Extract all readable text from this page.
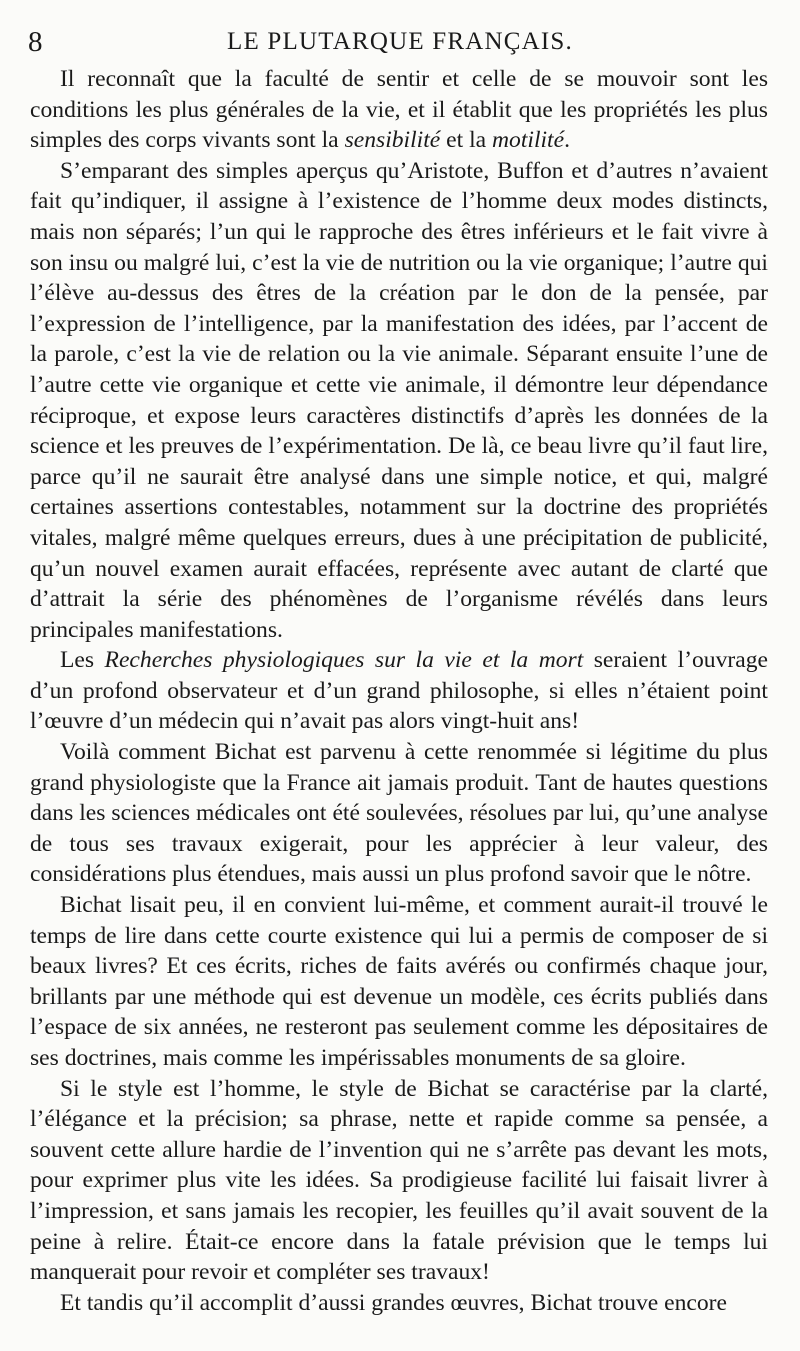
8	LE PLUTARQUE FRANÇAIS.

Il reconnaît que la faculté de sentir et celle de se mouvoir sont les conditions les plus générales de la vie, et il établit que les propriétés les plus simples des corps vivants sont la sensibilité et la motilité.

S’emparant des simples aperçus qu’Aristote, Buffon et d’autres n’avaient fait qu’indiquer, il assigne à l’existence de l’homme deux modes distincts, mais non séparés; l’un qui le rapproche des êtres inférieurs et le fait vivre à son insu ou malgré lui, c’est la vie de nutrition ou la vie organique; l’autre qui l’élève au-dessus des êtres de la création par le don de la pensée, par l’expression de l’intelligence, par la manifestation des idées, par l’accent de la parole, c’est la vie de relation ou la vie animale. Séparant ensuite l’une de l’autre cette vie organique et cette vie animale, il démontre leur dépendance réciproque, et expose leurs caractères distinctifs d’après les données de la science et les preuves de l’expérimentation. De là, ce beau livre qu’il faut lire, parce qu’il ne saurait être analysé dans une simple notice, et qui, malgré certaines assertions contestables, notamment sur la doctrine des propriétés vitales, malgré même quelques erreurs, dues à une précipitation de publicité, qu’un nouvel examen aurait effacées, représente avec autant de clarté que d’attrait la série des phénomènes de l’organisme révélés dans leurs principales manifestations.

Les Recherches physiologiques sur la vie et la mort seraient l’ouvrage d’un profond observateur et d’un grand philosophe, si elles n’étaient point l’œuvre d’un médecin qui n’avait pas alors vingt-huit ans!

Voilà comment Bichat est parvenu à cette renommée si légitime du plus grand physiologiste que la France ait jamais produit. Tant de hautes questions dans les sciences médicales ont été soulevées, résolues par lui, qu’une analyse de tous ses travaux exigerait, pour les apprécier à leur valeur, des considérations plus étendues, mais aussi un plus profond savoir que le nôtre.

Bichat lisait peu, il en convient lui-même, et comment aurait-il trouvé le temps de lire dans cette courte existence qui lui a permis de composer de si beaux livres? Et ces écrits, riches de faits avérés ou confirmés chaque jour, brillants par une méthode qui est devenue un modèle, ces écrits publiés dans l’espace de six années, ne resteront pas seulement comme les dépositaires de ses doctrines, mais comme les impérissables monuments de sa gloire.

Si le style est l’homme, le style de Bichat se caractérise par la clarté, l’élégance et la précision; sa phrase, nette et rapide comme sa pensée, a souvent cette allure hardie de l’invention qui ne s’arrête pas devant les mots, pour exprimer plus vite les idées. Sa prodigieuse facilité lui faisait livrer à l’impression, et sans jamais les recopier, les feuilles qu’il avait souvent de la peine à relire. Était-ce encore dans la fatale prévision que le temps lui manquerait pour revoir et compléter ses travaux!

Et tandis qu’il accomplit d’aussi grandes œuvres, Bichat trouve encore
